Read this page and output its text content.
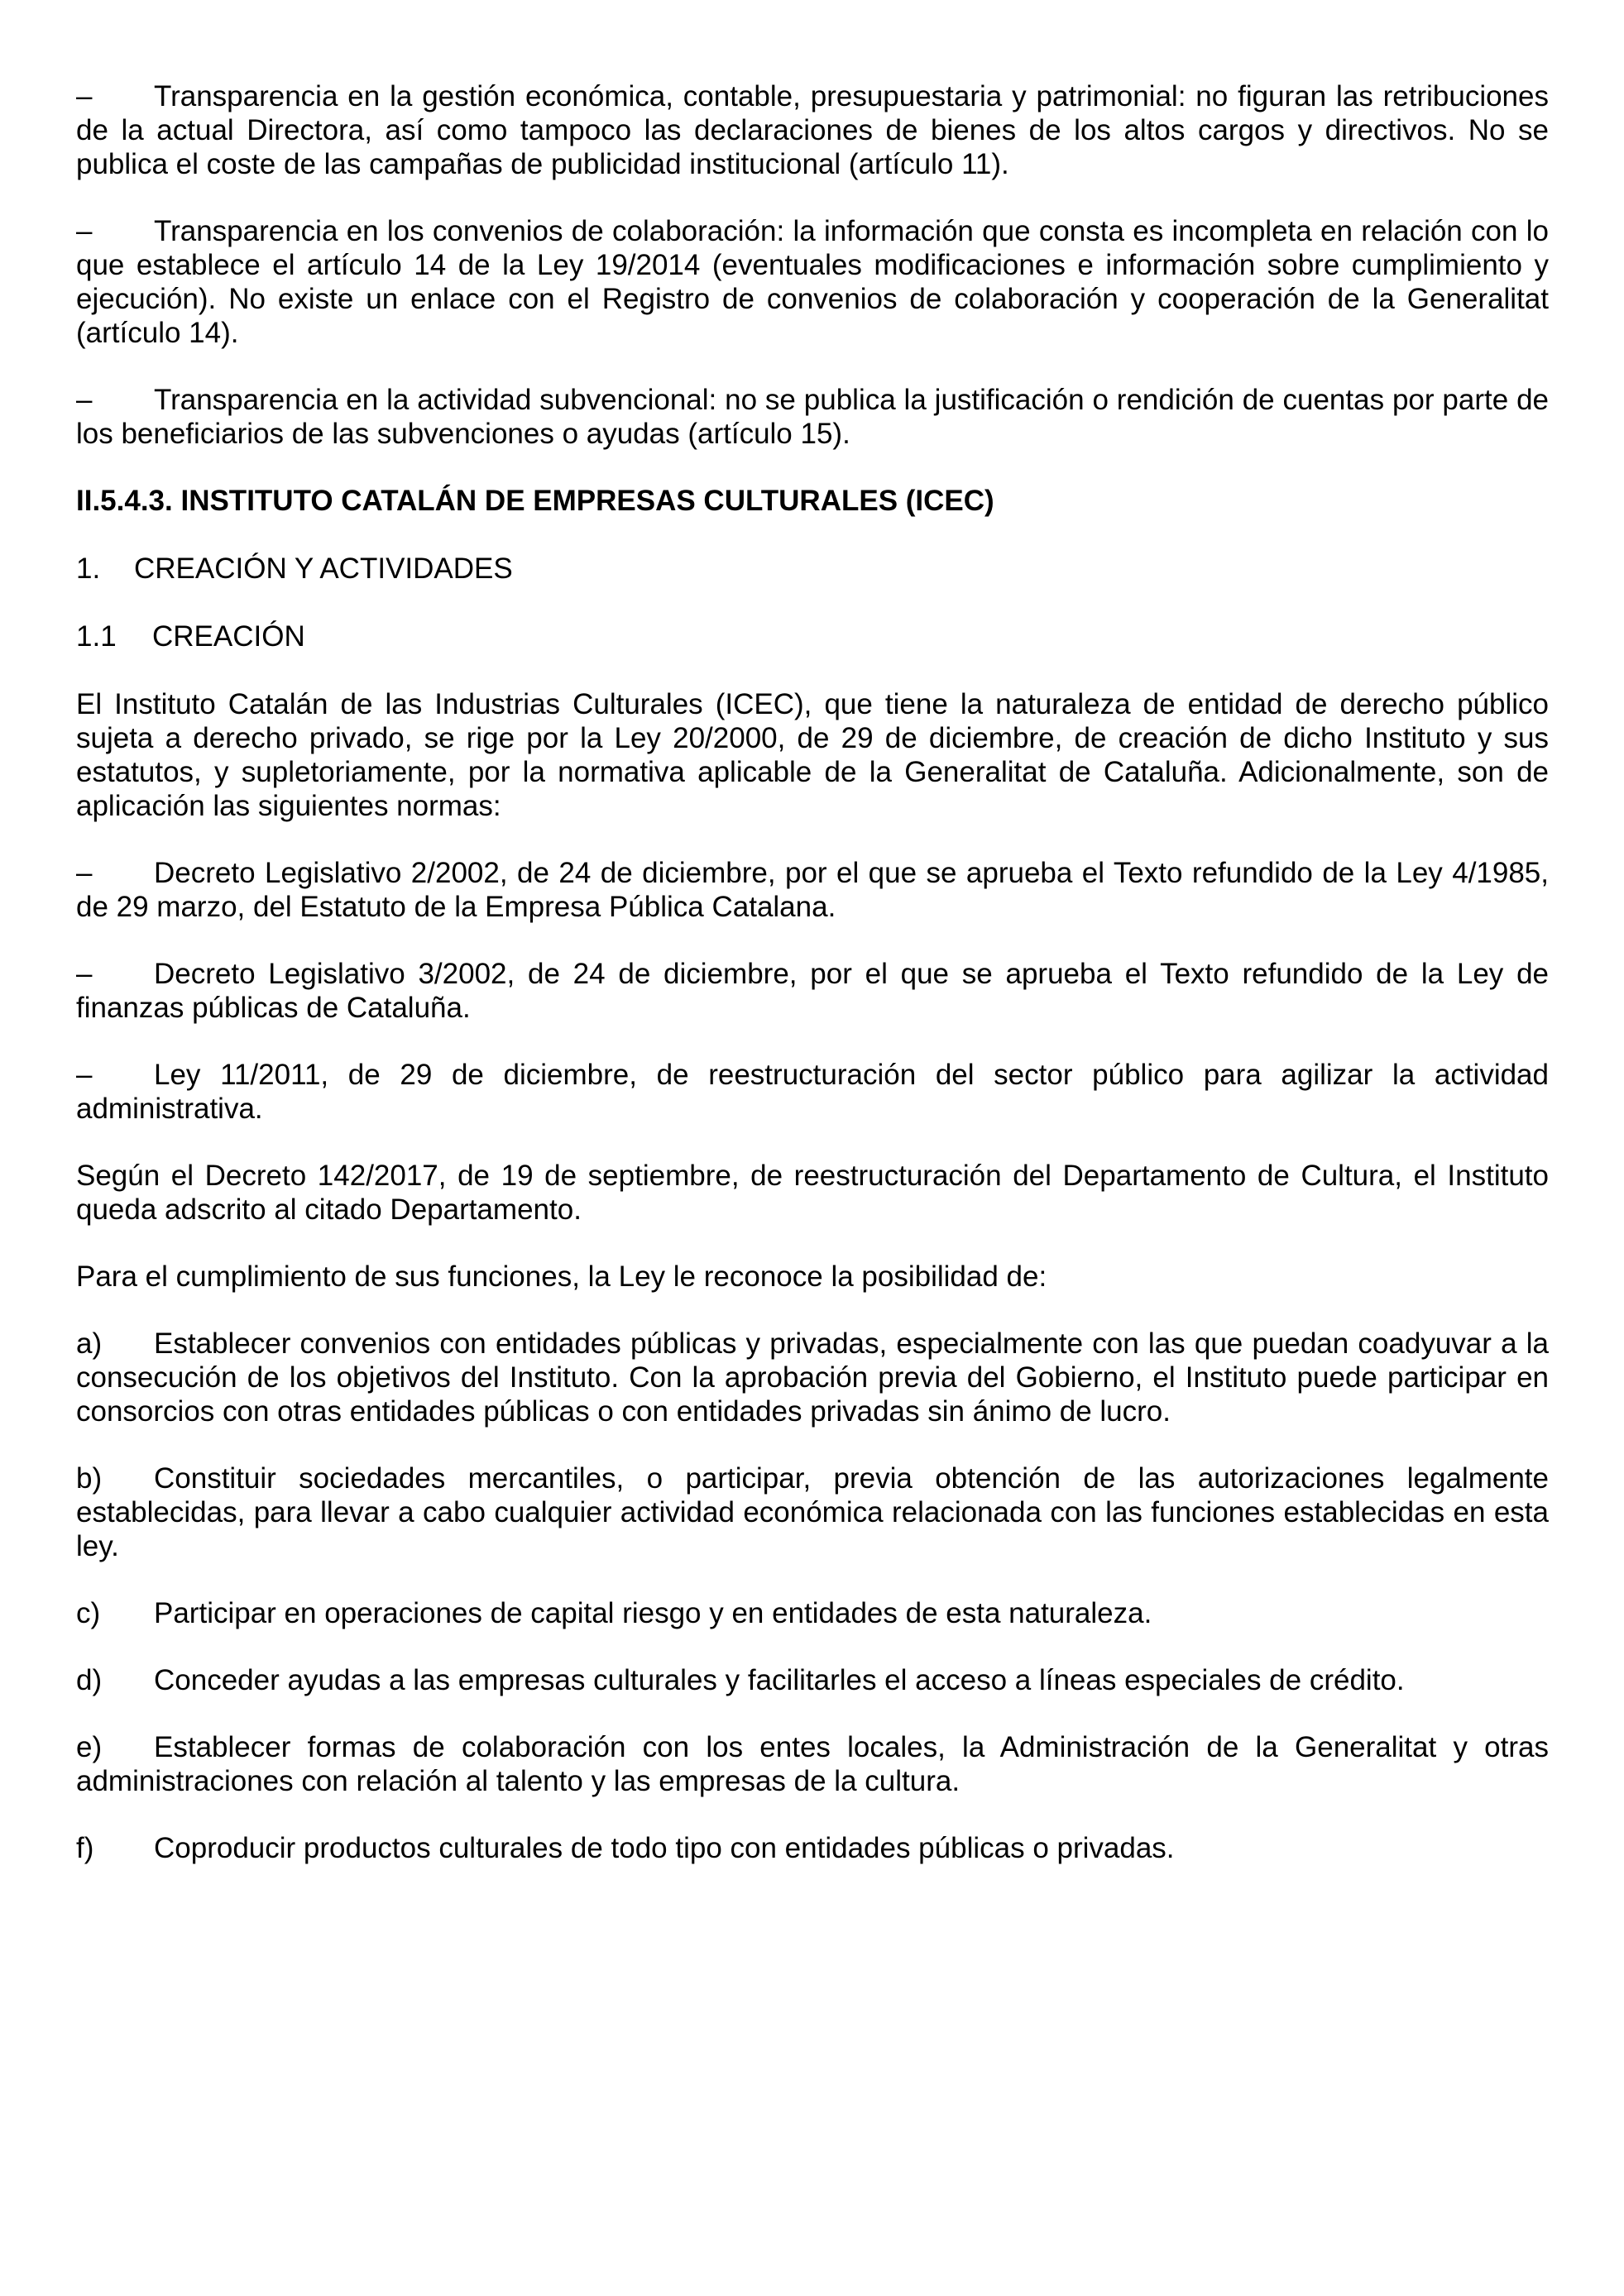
– Transparencia en la gestión económica, contable, presupuestaria y patrimonial: no figuran las retribuciones de la actual Directora, así como tampoco las declaraciones de bienes de los altos cargos y directivos. No se publica el coste de las campañas de publicidad institucional (artículo 11).

– Transparencia en los convenios de colaboración: la información que consta es incompleta en relación con lo que establece el artículo 14 de la Ley 19/2014 (eventuales modificaciones e información sobre cumplimiento y ejecución). No existe un enlace con el Registro de convenios de colaboración y cooperación de la Generalitat (artículo 14).

– Transparencia en la actividad subvencional: no se publica la justificación o rendición de cuentas por parte de los beneficiarios de las subvenciones o ayudas (artículo 15).

II.5.4.3. INSTITUTO CATALÁN DE EMPRESAS CULTURALES (ICEC)
1. CREACIÓN Y ACTIVIDADES
1.1 CREACIÓN

El Instituto Catalán de las Industrias Culturales (ICEC), que tiene la naturaleza de entidad de derecho público sujeta a derecho privado, se rige por la Ley 20/2000, de 29 de diciembre, de creación de dicho Instituto y sus estatutos, y supletoriamente, por la normativa aplicable de la Generalitat de Cataluña. Adicionalmente, son de aplicación las siguientes normas:

– Decreto Legislativo 2/2002, de 24 de diciembre, por el que se aprueba el Texto refundido de la Ley 4/1985, de 29 marzo, del Estatuto de la Empresa Pública Catalana.

– Decreto Legislativo 3/2002, de 24 de diciembre, por el que se aprueba el Texto refundido de la Ley de finanzas públicas de Cataluña.

– Ley 11/2011, de 29 de diciembre, de reestructuración del sector público para agilizar la actividad administrativa.

Según el Decreto 142/2017, de 19 de septiembre, de reestructuración del Departamento de Cultura, el Instituto queda adscrito al citado Departamento.

Para el cumplimiento de sus funciones, la Ley le reconoce la posibilidad de:

a) Establecer convenios con entidades públicas y privadas, especialmente con las que puedan coadyuvar a la consecución de los objetivos del Instituto. Con la aprobación previa del Gobierno, el Instituto puede participar en consorcios con otras entidades públicas o con entidades privadas sin ánimo de lucro.

b) Constituir sociedades mercantiles, o participar, previa obtención de las autorizaciones legalmente establecidas, para llevar a cabo cualquier actividad económica relacionada con las funciones establecidas en esta ley.

c) Participar en operaciones de capital riesgo y en entidades de esta naturaleza.

d) Conceder ayudas a las empresas culturales y facilitarles el acceso a líneas especiales de crédito.

e) Establecer formas de colaboración con los entes locales, la Administración de la Generalitat y otras administraciones con relación al talento y las empresas de la cultura.

f) Coproducir productos culturales de todo tipo con entidades públicas o privadas.
